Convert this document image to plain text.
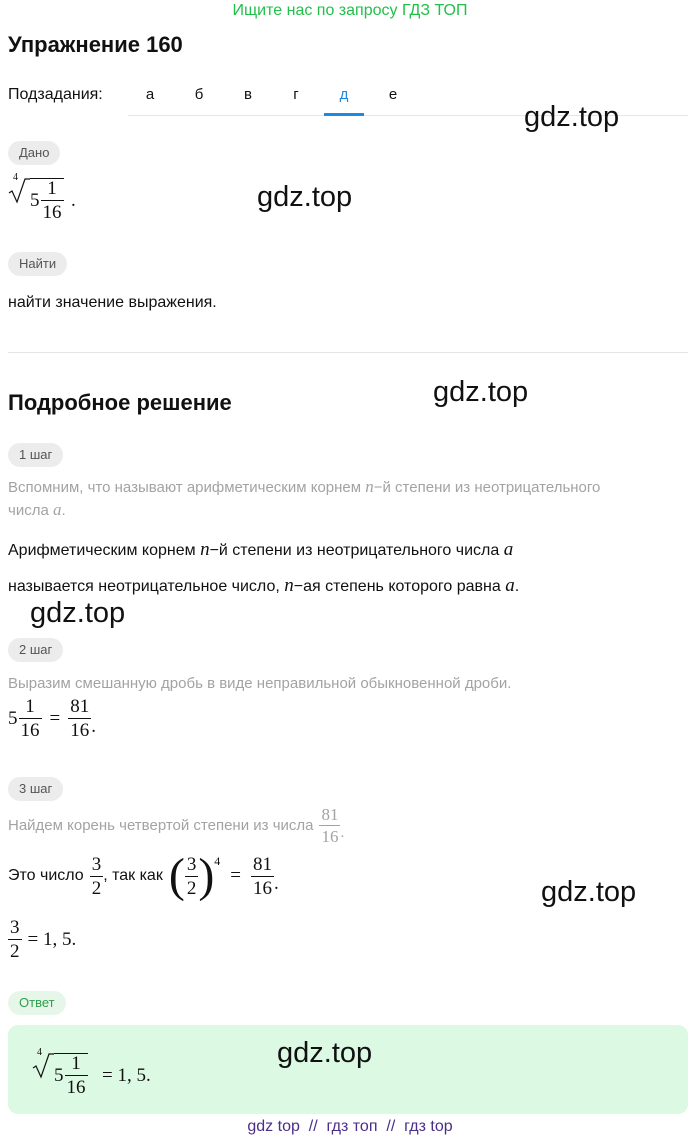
Ищите нас по запросу ГДЗ ТОП
Упражнение 160
Подзадания:	а	б	в	г	д	е
gdz.top
Дано
4
$5 \frac{1}{16}$ .	gdz.top
Найти
найти значение выражения.
Подробное решение	gdz.top
1 шаг
Вспомним, что называют арифметическим корнем n−й степени из неотрицательного
числа a.
Арифметическим корнем n−й степени из неотрицательного числа a
называется неотрицательное число, n−ая степень которого равна a.
gdz.top
2 шаг
Выразим смешанную дробь в виде неправильной обыкновенной дроби.
$5 \frac{1}{16} = \frac{81}{16}$ .
3 шаг
Найдем корень четвертой степени из числа $\frac{81}{16}$ .
Это число $\frac{3}{2}$ , так как ( $\frac{3}{2}$ ) 4
= $\frac{81}{16}$ .
$\frac{3}{2} = 1$, 5.
gdz.top
Ответ
4
$5 \frac{1}{16} = 1$, 5.
gdz.top
gdz top  //  гдз топ  //  гдз top
